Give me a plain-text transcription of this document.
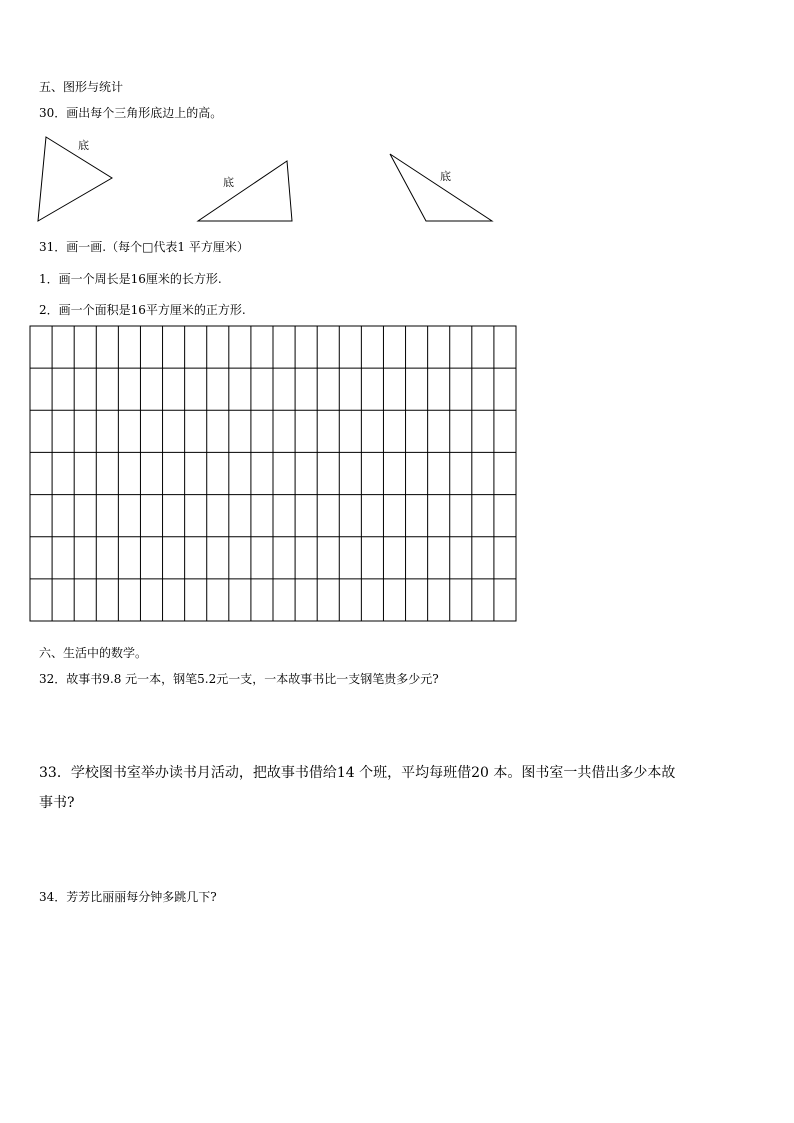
五、图形与统计
30．画出每个三角形底边上的高。
底
底	底
31．画一画.（每个□代表1 平方厘米）
1．画一个周长是16厘米的长方形.
2．画一个面积是16平方厘米的正方形.
六、生活中的数学。
32．故事书9.8 元一本，钢笔5.2元一支，一本故事书比一支钢笔贵多少元?
33．学校图书室举办读书月活动，把故事书借给14 个班，平均每班借20 本。图书室一共借出多少本故
事书?
34．芳芳比丽丽每分钟多跳几下?
